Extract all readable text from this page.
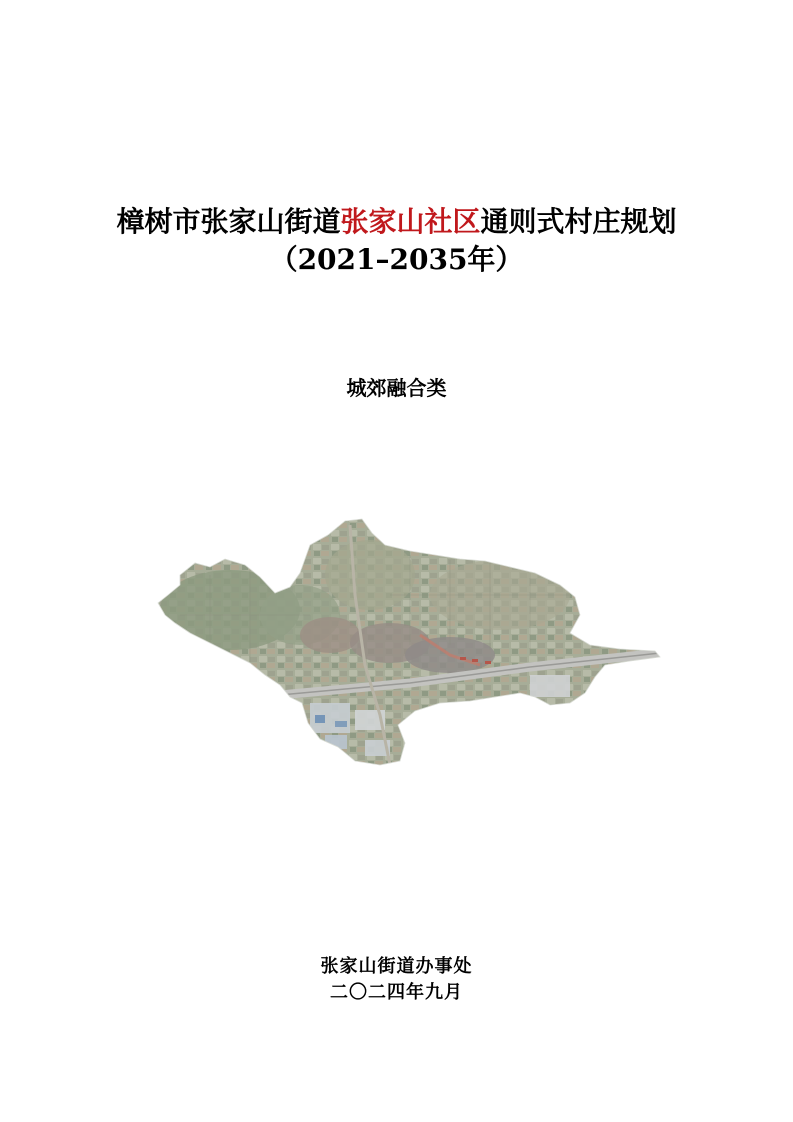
樟树市张家山街道张家山社区通则式村庄规划
（2021–2035年）
城郊融合类
张家山街道办事处
二〇二四年九月
